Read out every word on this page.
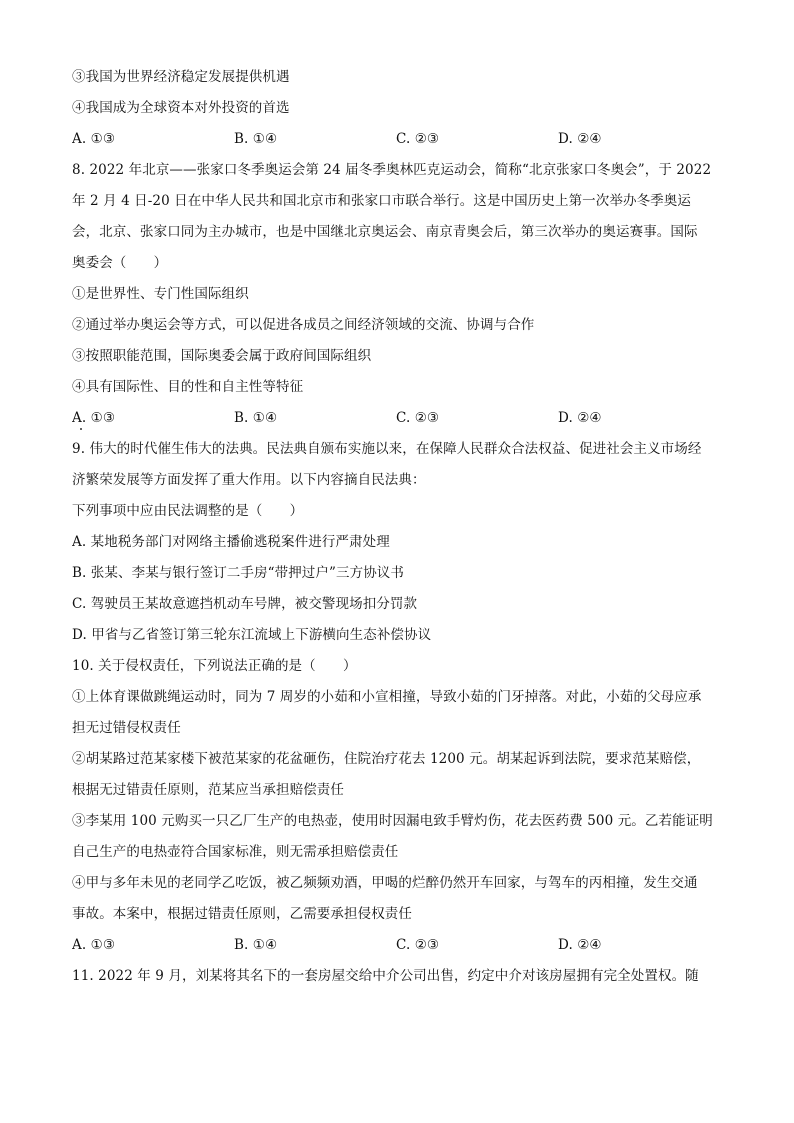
③我国为世界经济稳定发展提供机遇
④我国成为全球资本对外投资的首选
A. ①③	B. ①④	C. ②③	D. ②④
8. 2022 年北京——张家口冬季奥运会第 24 届冬季奥林匹克运动会，简称“北京张家口冬奥会”，于 2022
年 2 月 4 日-20 日在中华人民共和国北京市和张家口市联合举行。这是中国历史上第一次举办冬季奥运
会，北京、张家口同为主办城市，也是中国继北京奥运会、南京青奥会后，第三次举办的奥运赛事。国际
奥委会（　　）
①是世界性、专门性国际组织
②通过举办奥运会等方式，可以促进各成员之间经济领域的交流、协调与合作
③按照职能范围，国际奥委会属于政府间国际组织
④具有国际性、目的性和自主性等特征
A. ①③	B. ①④	C. ②③	D. ②④
9. 伟大的时代催生伟大的法典。民法典自颁布实施以来，在保障人民群众合法权益、促进社会主义市场经
济繁荣发展等方面发挥了重大作用。以下内容摘自民法典：
下列事项中应由民法调整的是（　　）
A. 某地税务部门对网络主播偷逃税案件进行严肃处理
B. 张某、李某与银行签订二手房“带押过户”三方协议书
C. 驾驶员王某故意遮挡机动车号牌，被交警现场扣分罚款
D. 甲省与乙省签订第三轮东江流域上下游横向生态补偿协议
10. 关于侵权责任，下列说法正确的是（　　）
①上体育课做跳绳运动时，同为 7 周岁的小茹和小宣相撞，导致小茹的门牙掉落。对此，小茹的父母应承
担无过错侵权责任
②胡某路过范某家楼下被范某家的花盆砸伤，住院治疗花去 1200 元。胡某起诉到法院，要求范某赔偿，
根据无过错责任原则，范某应当承担赔偿责任
③李某用 100 元购买一只乙厂生产的电热壶，使用时因漏电致手臂灼伤，花去医药费 500 元。乙若能证明
自己生产的电热壶符合国家标准，则无需承担赔偿责任
④甲与多年未见的老同学乙吃饭，被乙频频劝酒，甲喝的烂醉仍然开车回家，与驾车的丙相撞，发生交通
事故。本案中，根据过错责任原则，乙需要承担侵权责任
A. ①③	B. ①④	C. ②③	D. ②④
11. 2022 年 9 月，刘某将其名下的一套房屋交给中介公司出售，约定中介对该房屋拥有完全处置权。随
